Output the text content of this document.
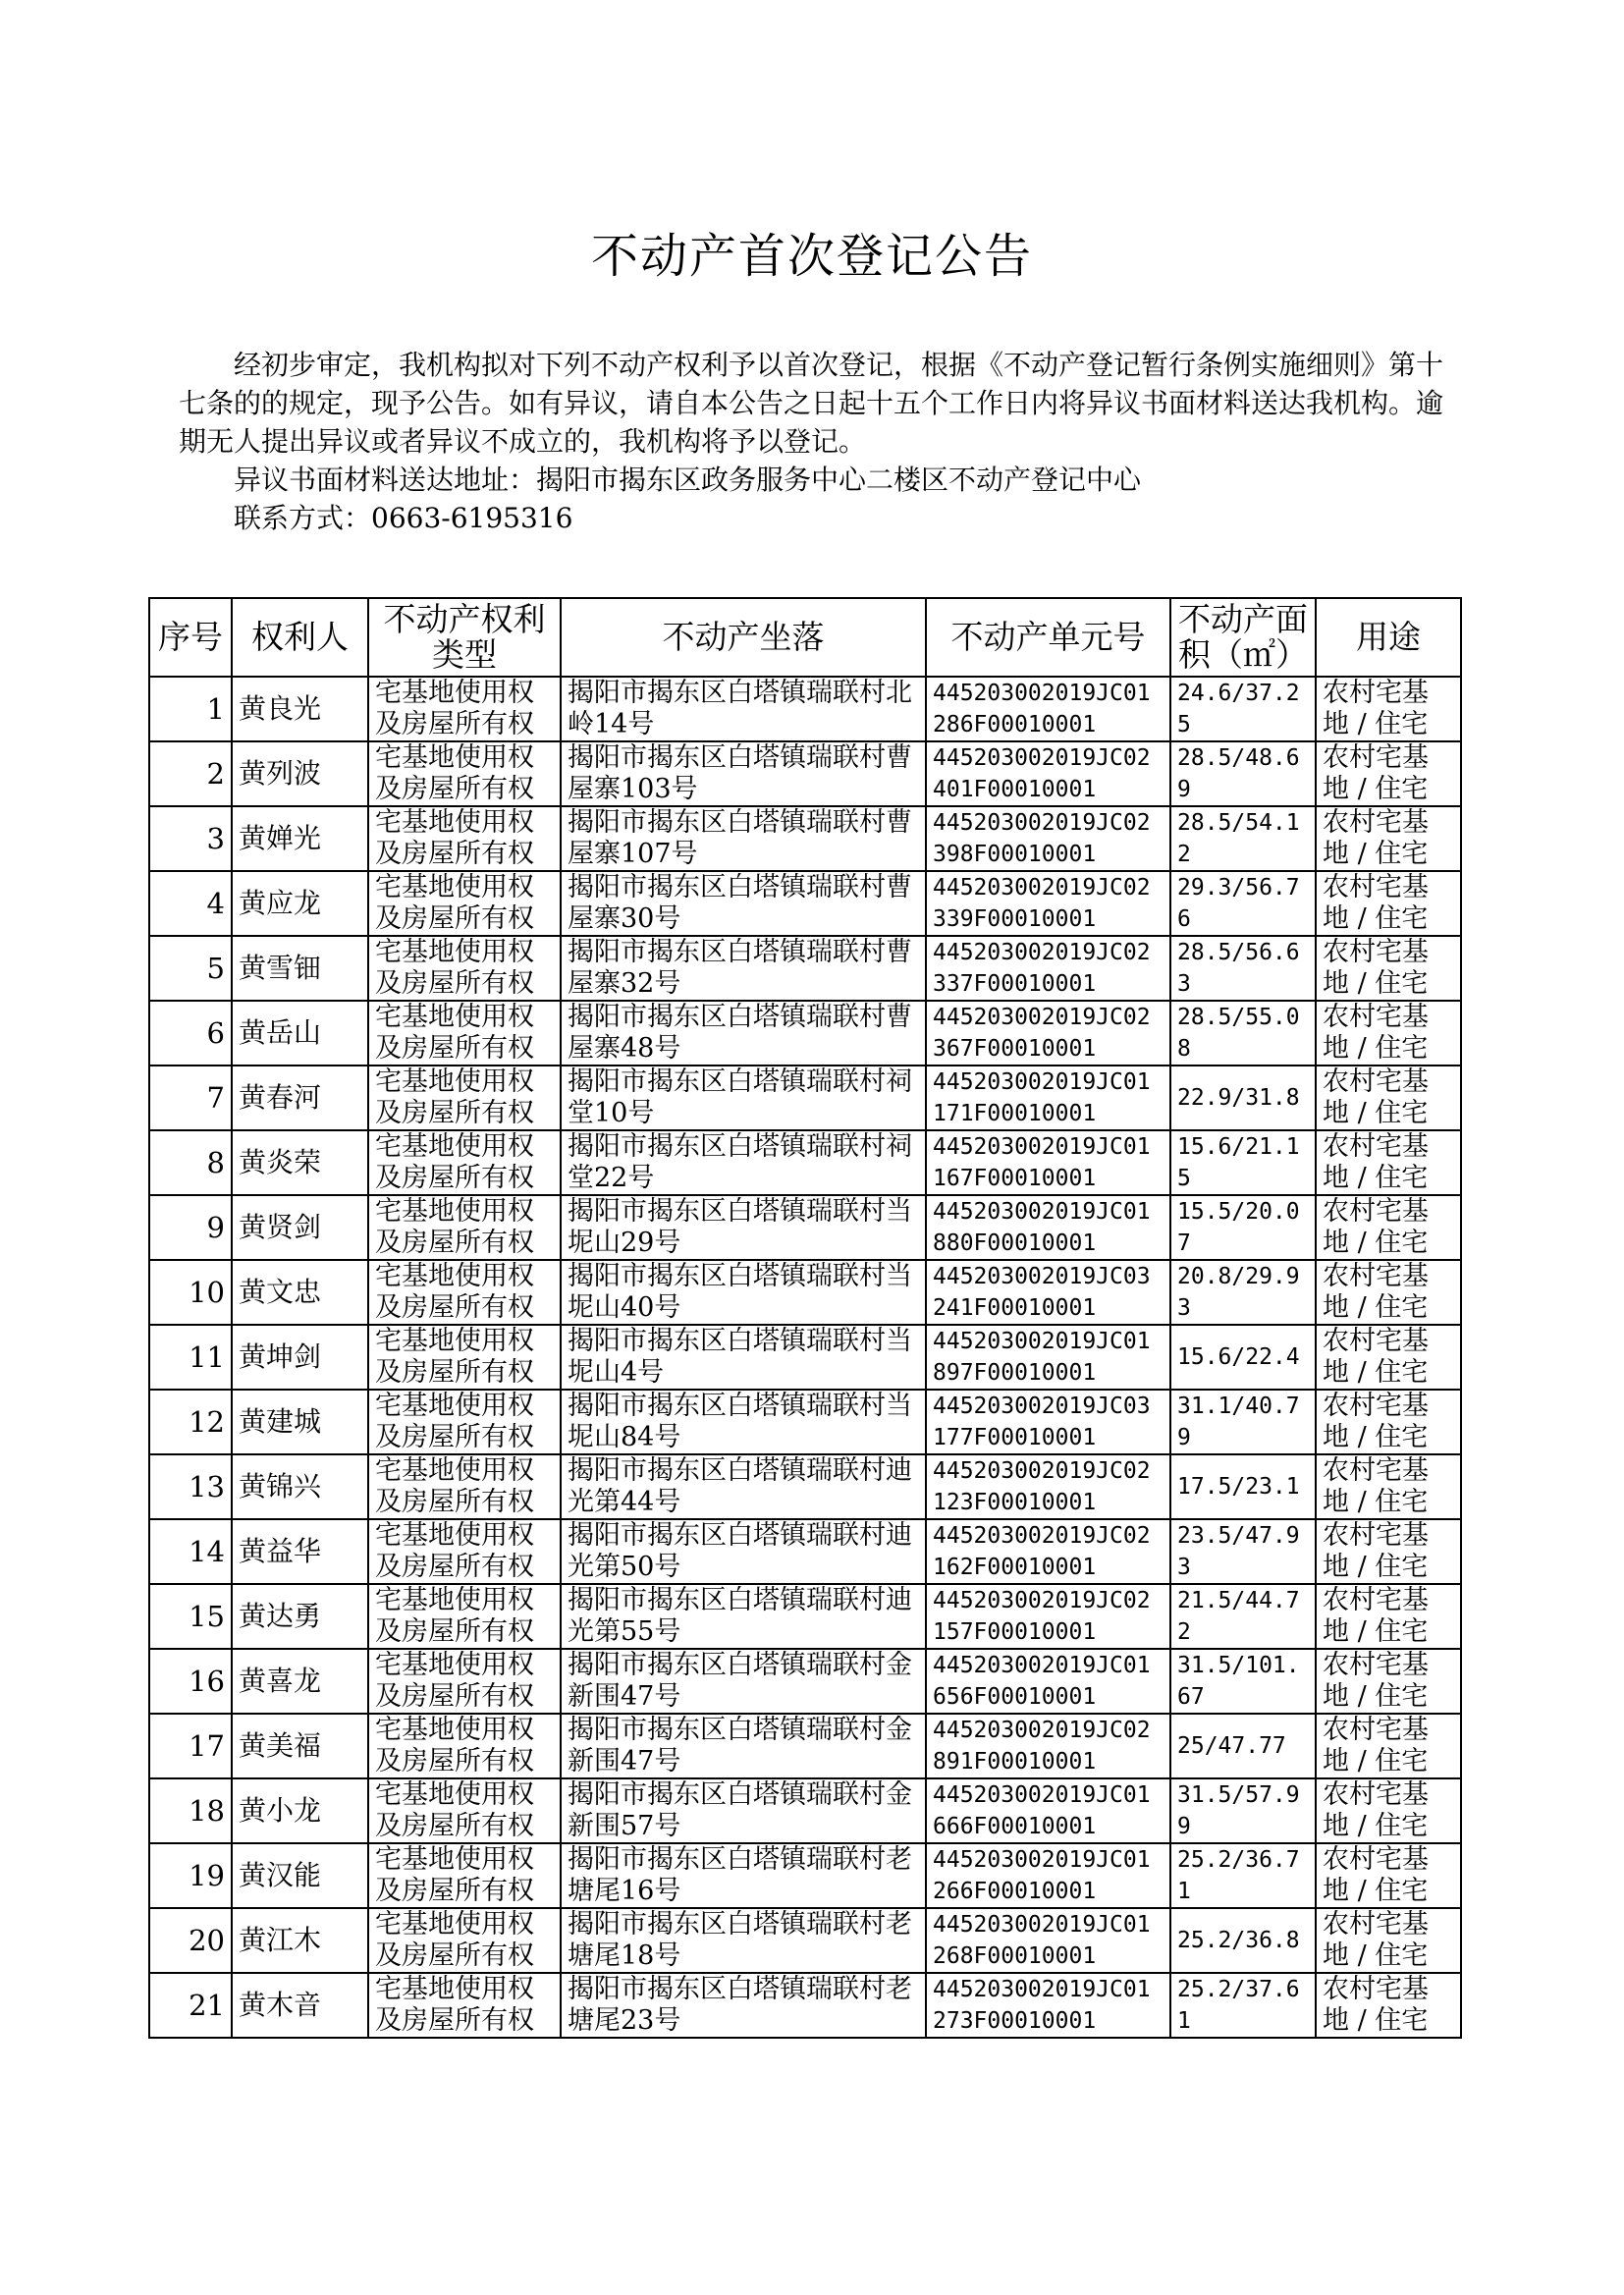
不动产首次登记公告

经初步审定，我机构拟对下列不动产权利予以首次登记，根据《不动产登记暂行条例实施细则》第十七条的的规定，现予公告。如有异议，请自本公告之日起十五个工作日内将异议书面材料送达我机构。逾期无人提出异议或者异议不成立的，我机构将予以登记。

异议书面材料送达地址：揭阳市揭东区政务服务中心二楼区不动产登记中心
联系方式：0663-6195316
序号	权利人	不动产权利类型	不动产坐落	不动产单元号	不动产面积（㎡）	用途
1	黄良光	宅基地使用权及房屋所有权	揭阳市揭东区白塔镇瑞联村北岭14号	445203002019JC01286F00010001	24.6/37.25	农村宅基地 / 住宅
2	黄列波	宅基地使用权及房屋所有权	揭阳市揭东区白塔镇瑞联村曹屋寨103号	445203002019JC02401F00010001	28.5/48.69	农村宅基地 / 住宅
3	黄婵光	宅基地使用权及房屋所有权	揭阳市揭东区白塔镇瑞联村曹屋寨107号	445203002019JC02398F00010001	28.5/54.12	农村宅基地 / 住宅
4	黄应龙	宅基地使用权及房屋所有权	揭阳市揭东区白塔镇瑞联村曹屋寨30号	445203002019JC02339F00010001	29.3/56.76	农村宅基地 / 住宅
5	黄雪钿	宅基地使用权及房屋所有权	揭阳市揭东区白塔镇瑞联村曹屋寨32号	445203002019JC02337F00010001	28.5/56.63	农村宅基地 / 住宅
6	黄岳山	宅基地使用权及房屋所有权	揭阳市揭东区白塔镇瑞联村曹屋寨48号	445203002019JC02367F00010001	28.5/55.08	农村宅基地 / 住宅
7	黄春河	宅基地使用权及房屋所有权	揭阳市揭东区白塔镇瑞联村祠堂10号	445203002019JC01171F00010001	22.9/31.8	农村宅基地 / 住宅
8	黄炎荣	宅基地使用权及房屋所有权	揭阳市揭东区白塔镇瑞联村祠堂22号	445203002019JC01167F00010001	15.6/21.15	农村宅基地 / 住宅
9	黄贤剑	宅基地使用权及房屋所有权	揭阳市揭东区白塔镇瑞联村当坭山29号	445203002019JC01880F00010001	15.5/20.07	农村宅基地 / 住宅
10	黄文忠	宅基地使用权及房屋所有权	揭阳市揭东区白塔镇瑞联村当坭山40号	445203002019JC03241F00010001	20.8/29.93	农村宅基地 / 住宅
11	黄坤剑	宅基地使用权及房屋所有权	揭阳市揭东区白塔镇瑞联村当坭山4号	445203002019JC01897F00010001	15.6/22.4	农村宅基地 / 住宅
12	黄建城	宅基地使用权及房屋所有权	揭阳市揭东区白塔镇瑞联村当坭山84号	445203002019JC03177F00010001	31.1/40.79	农村宅基地 / 住宅
13	黄锦兴	宅基地使用权及房屋所有权	揭阳市揭东区白塔镇瑞联村迪光第44号	445203002019JC02123F00010001	17.5/23.1	农村宅基地 / 住宅
14	黄益华	宅基地使用权及房屋所有权	揭阳市揭东区白塔镇瑞联村迪光第50号	445203002019JC02162F00010001	23.5/47.93	农村宅基地 / 住宅
15	黄达勇	宅基地使用权及房屋所有权	揭阳市揭东区白塔镇瑞联村迪光第55号	445203002019JC02157F00010001	21.5/44.72	农村宅基地 / 住宅
16	黄喜龙	宅基地使用权及房屋所有权	揭阳市揭东区白塔镇瑞联村金新围47号	445203002019JC01656F00010001	31.5/101.67	农村宅基地 / 住宅
17	黄美福	宅基地使用权及房屋所有权	揭阳市揭东区白塔镇瑞联村金新围47号	445203002019JC02891F00010001	25/47.77	农村宅基地 / 住宅
18	黄小龙	宅基地使用权及房屋所有权	揭阳市揭东区白塔镇瑞联村金新围57号	445203002019JC01666F00010001	31.5/57.99	农村宅基地 / 住宅
19	黄汉能	宅基地使用权及房屋所有权	揭阳市揭东区白塔镇瑞联村老塘尾16号	445203002019JC01266F00010001	25.2/36.71	农村宅基地 / 住宅
20	黄江木	宅基地使用权及房屋所有权	揭阳市揭东区白塔镇瑞联村老塘尾18号	445203002019JC01268F00010001	25.2/36.8	农村宅基地 / 住宅
21	黄木音	宅基地使用权及房屋所有权	揭阳市揭东区白塔镇瑞联村老塘尾23号	445203002019JC01273F00010001	25.2/37.61	农村宅基地 / 住宅
